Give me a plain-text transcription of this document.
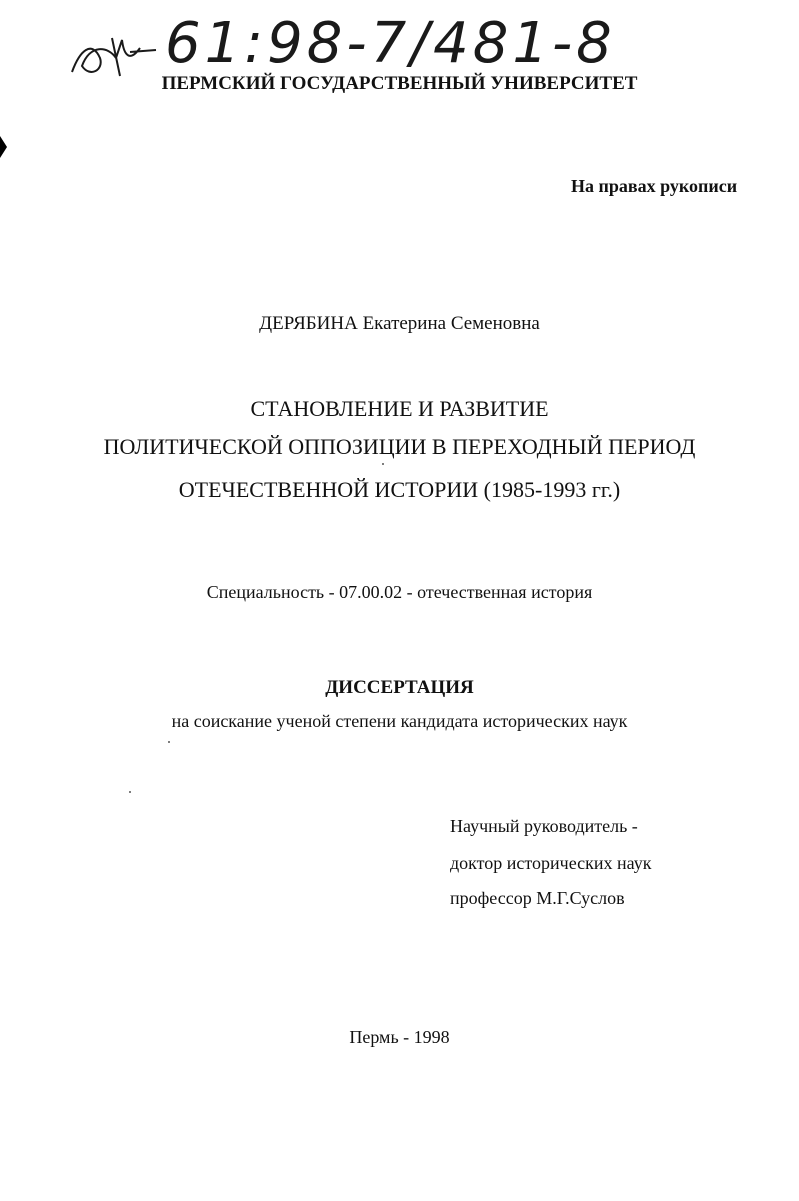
61:98-7/481-8
ПЕРМСКИЙ ГОСУДАРСТВЕННЫЙ УНИВЕРСИТЕТ
На правах рукописи
ДЕРЯБИНА Екатерина Семеновна
СТАНОВЛЕНИЕ И РАЗВИТИЕ
ПОЛИТИЧЕСКОЙ ОППОЗИЦИИ В ПЕРЕХОДНЫЙ ПЕРИОД
ОТЕЧЕСТВЕННОЙ ИСТОРИИ (1985-1993 гг.)
Специальность - 07.00.02 - отечественная история
ДИССЕРТАЦИЯ
на соискание ученой степени кандидата исторических наук
Научный руководитель -
доктор исторических наук
профессор М.Г.Суслов
Пермь - 1998
